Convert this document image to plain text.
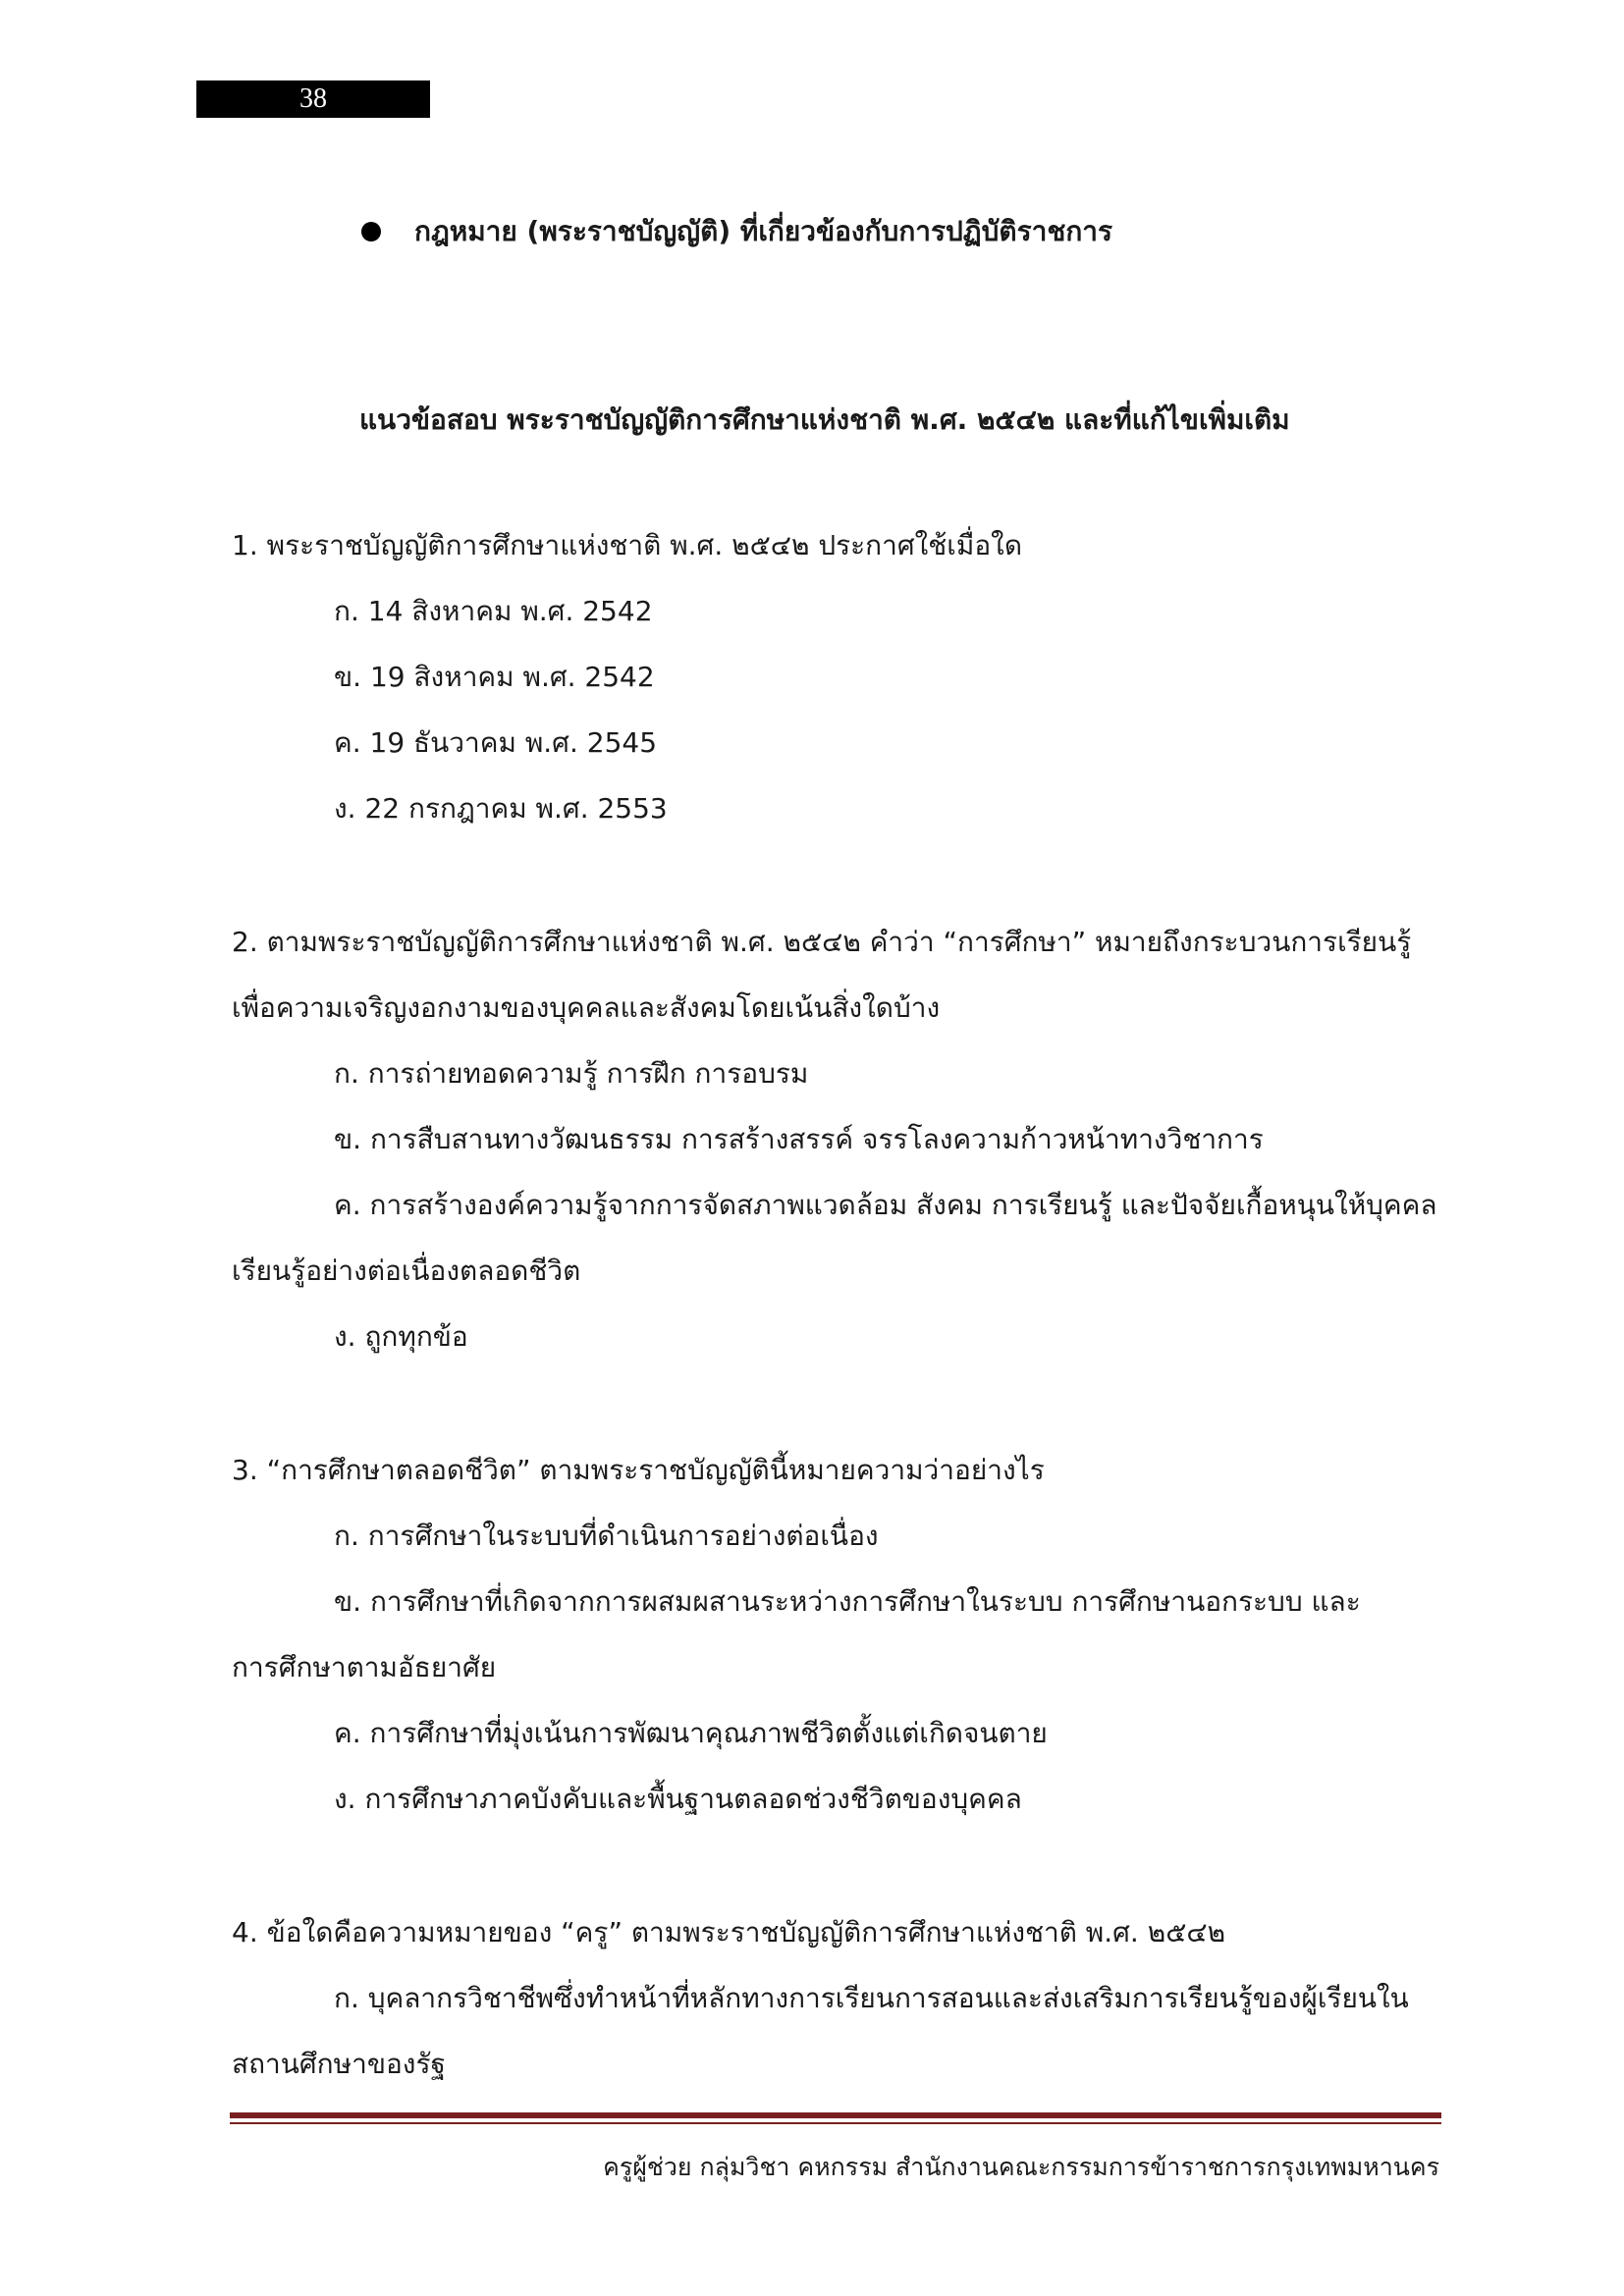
38
กฎหมาย (พระราชบัญญัติ) ที่เกี่ยวข้องกับการปฏิบัติราชการ
แนวข้อสอบ พระราชบัญญัติการศึกษาแห่งชาติ พ.ศ. ๒๕๔๒ และที่แก้ไขเพิ่มเติม
1. พระราชบัญญัติการศึกษาแห่งชาติ พ.ศ. ๒๕๔๒ ประกาศใช้เมื่อใด
ก. 14 สิงหาคม พ.ศ. 2542
ข. 19 สิงหาคม พ.ศ. 2542
ค. 19 ธันวาคม พ.ศ. 2545
ง. 22 กรกฎาคม พ.ศ. 2553
2. ตามพระราชบัญญัติการศึกษาแห่งชาติ พ.ศ. ๒๕๔๒ คำว่า “การศึกษา” หมายถึงกระบวนการเรียนรู้
เพื่อความเจริญงอกงามของบุคคลและสังคมโดยเน้นสิ่งใดบ้าง
ก. การถ่ายทอดความรู้ การฝึก การอบรม
ข. การสืบสานทางวัฒนธรรม การสร้างสรรค์ จรรโลงความก้าวหน้าทางวิชาการ
ค. การสร้างองค์ความรู้จากการจัดสภาพแวดล้อม สังคม การเรียนรู้ และปัจจัยเกื้อหนุนให้บุคคล
เรียนรู้อย่างต่อเนื่องตลอดชีวิต
ง. ถูกทุกข้อ
3. “การศึกษาตลอดชีวิต” ตามพระราชบัญญัตินี้หมายความว่าอย่างไร
ก. การศึกษาในระบบที่ดำเนินการอย่างต่อเนื่อง
ข. การศึกษาที่เกิดจากการผสมผสานระหว่างการศึกษาในระบบ การศึกษานอกระบบ และ
การศึกษาตามอัธยาศัย
ค. การศึกษาที่มุ่งเน้นการพัฒนาคุณภาพชีวิตตั้งแต่เกิดจนตาย
ง. การศึกษาภาคบังคับและพื้นฐานตลอดช่วงชีวิตของบุคคล
4. ข้อใดคือความหมายของ “ครู” ตามพระราชบัญญัติการศึกษาแห่งชาติ พ.ศ. ๒๕๔๒
ก. บุคลากรวิชาชีพซึ่งทำหน้าที่หลักทางการเรียนการสอนและส่งเสริมการเรียนรู้ของผู้เรียนใน
สถานศึกษาของรัฐ
ครูผู้ช่วย กลุ่มวิชา คหกรรม สำนักงานคณะกรรมการข้าราชการกรุงเทพมหานคร
